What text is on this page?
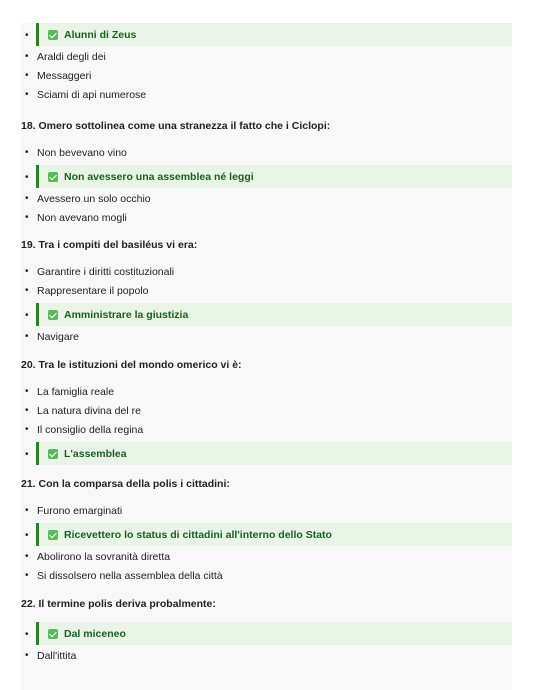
•	Alunni di Zeus
• Araldi degli dei
• Messaggeri
• Sciami di api numerose
18. Omero sottolinea come una stranezza il fatto che i Ciclopi:
• Non bevevano vino
•	Non avessero una assemblea né leggi
• Avessero un solo occhio
• Non avevano mogli
19. Tra i compiti del basiléus vi era:
• Garantire i diritti costituzionali
• Rappresentare il popolo
•	Amministrare la giustizia
• Navigare
20. Tra le istituzioni del mondo omerico vi è:
• La famiglia reale
• La natura divina del re
• Il consiglio della regina
•	L'assemblea
21. Con la comparsa della polis i cittadini:
• Furono emarginati
•	Ricevettero lo status di cittadini all'interno dello Stato
• Abolirono la sovranità diretta
• Si dissolsero nella assemblea della città
22. Il termine polis deriva probalmente:
•	Dal miceneo
• Dall'ittita
